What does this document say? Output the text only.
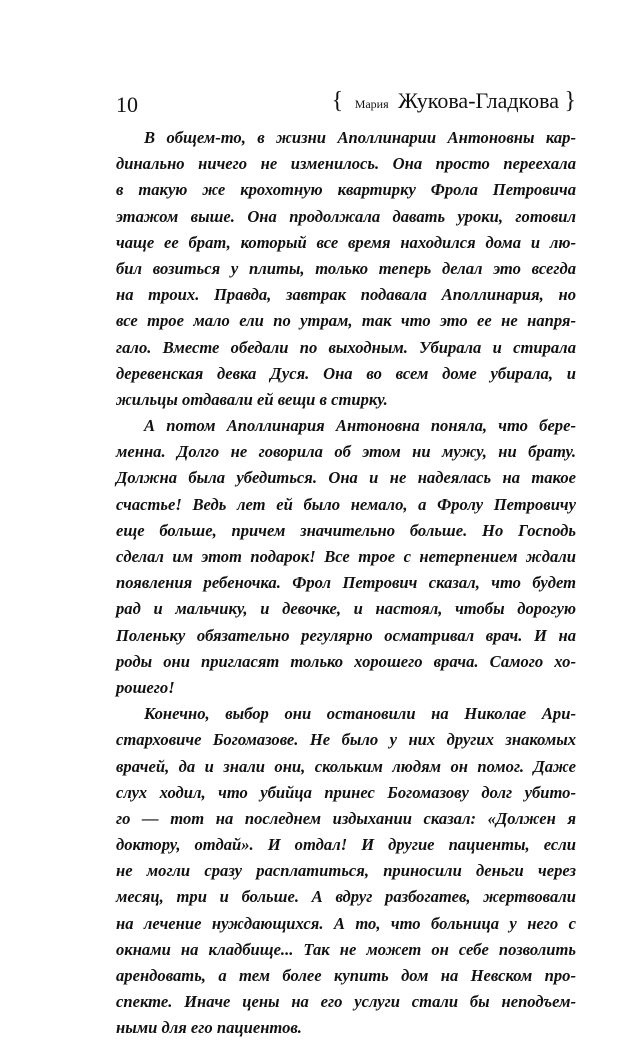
10	{ Мария Жукова-Гладкова }
В общем-то, в жизни Аполлинарии Антоновны кар-
динально ничего не изменилось. Она просто переехала
в такую же крохотную квартирку Фрола Петровича
этажом выше. Она продолжала давать уроки, готовил
чаще ее брат, который все время находился дома и лю-
бил возиться у плиты, только теперь делал это всегда
на троих. Правда, завтрак подавала Аполлинария, но
все трое мало ели по утрам, так что это ее не напря-
гало. Вместе обедали по выходным. Убирала и стирала
деревенская девка Дуся. Она во всем доме убирала, и
жильцы отдавали ей вещи в стирку.
А потом Аполлинария Антоновна поняла, что бере-
менна. Долго не говорила об этом ни мужу, ни брату.
Должна была убедиться. Она и не надеялась на такое
счастье! Ведь лет ей было немало, а Фролу Петровичу
еще больше, причем значительно больше. Но Господь
сделал им этот подарок! Все трое с нетерпением ждали
появления ребеночка. Фрол Петрович сказал, что будет
рад и мальчику, и девочке, и настоял, чтобы дорогую
Поленьку обязательно регулярно осматривал врач. И на
роды они пригласят только хорошего врача. Самого хо-
рошего!
Конечно, выбор они остановили на Николае Ари-
старховиче Богомазове. Не было у них других знакомых
врачей, да и знали они, скольким людям он помог. Даже
слух ходил, что убийца принес Богомазову долг убито-
го — тот на последнем издыхании сказал: «Должен я
доктору, отдай». И отдал! И другие пациенты, если
не могли сразу расплатиться, приносили деньги через
месяц, три и больше. А вдруг разбогатев, жертвовали
на лечение нуждающихся. А то, что больница у него с
окнами на кладбище... Так не может он себе позволить
арендовать, а тем более купить дом на Невском про-
спекте. Иначе цены на его услуги стали бы неподъем-
ными для его пациентов.
